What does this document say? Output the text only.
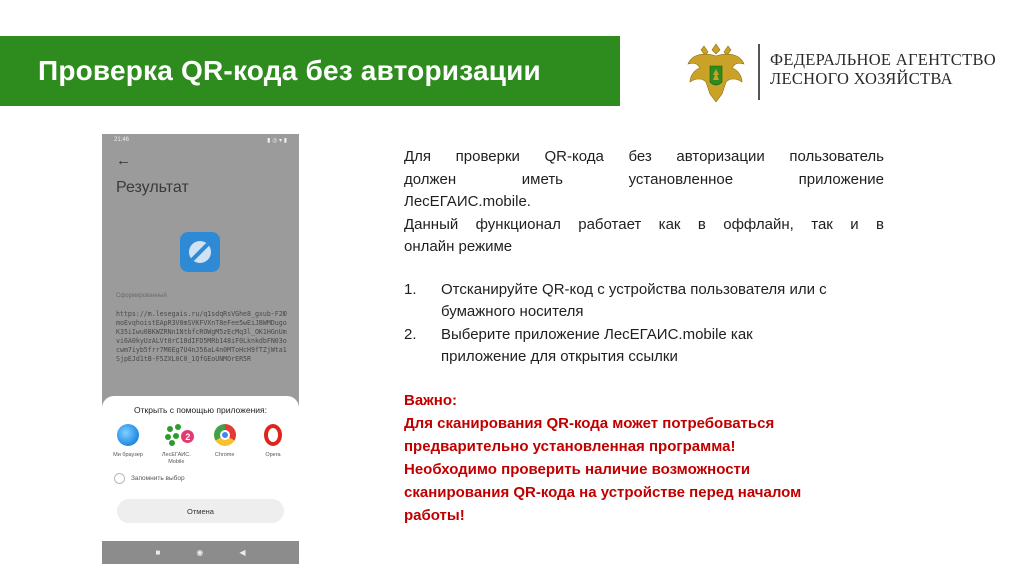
Проверка QR-кода без авторизации	ФЕДЕРАЛЬНОЕ АГЕНТСТВО
ЛЕСНОГО ХОЗЯЙСТВА
21:46	▮ ◎ ▾ ▮
←
Результат
Сформированный
https://m.lesegais.ru/q1sdqRsVGhe8_gxub-F2ЮmoEvqhoistEApR3V0mSVKFVXnT8eFee5wEiJBWMDugoK35iIwu0BKWZRNn1NtbfcROWgM5zEcMq3l_OK1HGnUmvi6A0kyUzALVt0rC18dIFD5MRb148iF0LknkdbFN03ocwm7iyb5frr7M6Eg7U4nJ56aL4n0MToHcH9fTZjWta1SjpEJd1tB-F5ZXL0C0_1QfGEoUNMOrER5R
Открыть с помощью приложения:
Ми браузер
2
ЛесЕГАИС. Mobile
Chrome	Opera
Запомнить выбор
Отмена
■	◉	◀

Для проверки QR-кода без авторизации пользователь

должен иметь установленное приложение

ЛесЕГАИС.mobile.

Данный функционал работает как в оффлайн, так и в

онлайн режиме

1.	Отсканируйте QR-код с устройства пользователя или с
бумажного носителя
2.	Выберите приложение ЛесЕГАИС.mobile как
приложение для открытия ссылки
Важно:
Для сканирования QR-кода может потребоваться
предварительно установленная программа!
Необходимо проверить наличие возможности
сканирования QR-кода на устройстве перед началом
работы!
